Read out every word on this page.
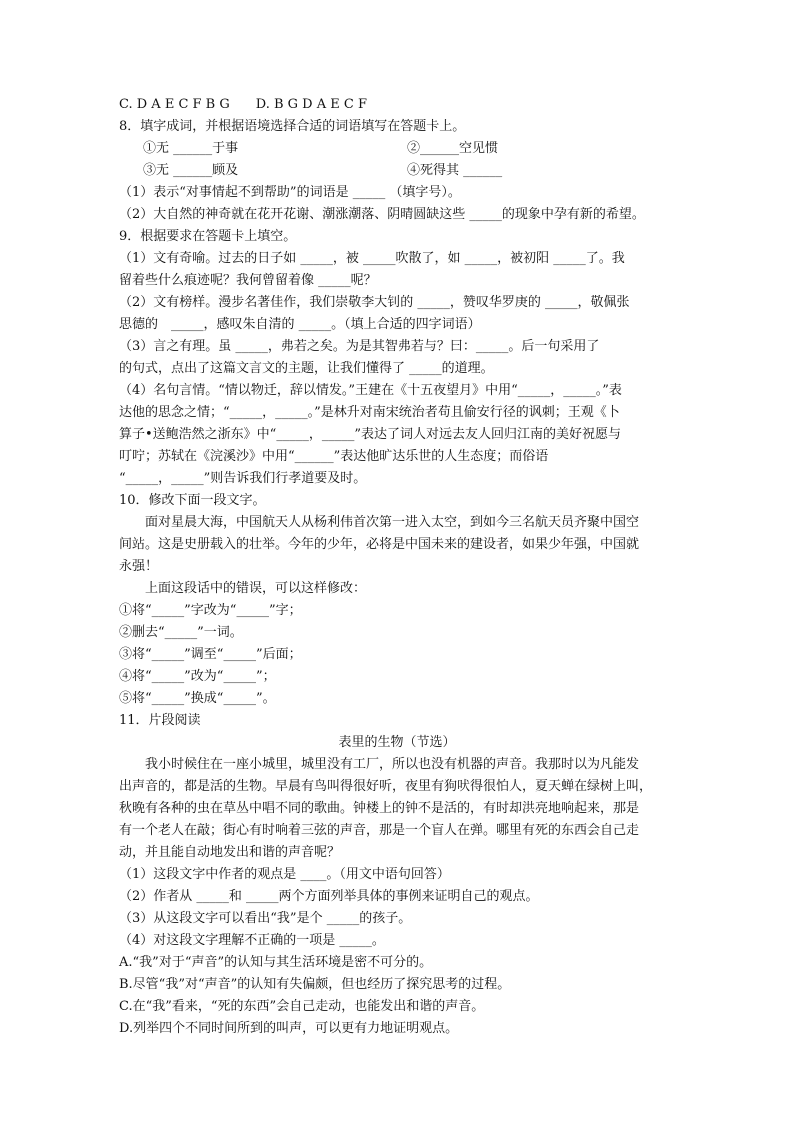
C. D A E C F B G　　D. B G D A E C F
8．填字成词，并根据语境选择合适的词语填写在答题卡上。
①无 ______于事	②______空见惯
③无 ______顾及	④死得其 ______
（1）表示“对事情起不到帮助”的词语是 _____ （填字号）。
（2）大自然的神奇就在花开花谢、潮涨潮落、阴晴圆缺这些 _____的现象中孕有新的希望。
9．根据要求在答题卡上填空。
（1）文有奇喻。过去的日子如 _____，被 _____吹散了，如 _____，被初阳 _____了。我
留着些什么痕迹呢？我何曾留着像 _____呢？
（2）文有榜样。漫步名著佳作，我们崇敬李大钊的 _____，赞叹华罗庚的 _____，敬佩张
思德的　_____，感叹朱自清的 _____。（填上合适的四字词语）
（3）言之有理。虽 _____，弗若之矣。为是其智弗若与？曰：_____。后一句采用了
的句式，点出了这篇文言文的主题，让我们懂得了 _____的道理。
（4）名句言情。“情以物迁，辞以情发。”王建在《十五夜望月》中用“_____，_____。”表
达他的思念之情；“_____，_____。”是林升对南宋统治者苟且偷安行径的讽刺；王观《卜
算子•送鲍浩然之浙东》中“_____，_____”表达了词人对远去友人回归江南的美好祝愿与
叮咛；苏轼在《浣溪沙》中用“______”表达他旷达乐世的人生态度；而俗语
“_____，_____”则告诉我们行孝道要及时。
10．修改下面一段文字。
面对星晨大海，中国航天人从杨利伟首次第一进入太空，到如今三名航天员齐聚中国空
间站。这是史册载入的壮举。今年的少年，必将是中国未来的建设者，如果少年强，中国就
永强！
上面这段话中的错误，可以这样修改：
①将“_____”字改为“_____”字；
②删去“_____”一词。
③将“_____”调至“_____”后面；
④将“_____”改为“_____”；
⑤将“_____”换成“_____”。
11．片段阅读
表里的生物（节选）
我小时候住在一座小城里，城里没有工厂，所以也没有机器的声音。我那时以为凡能发
出声音的，都是活的生物。早晨有鸟叫得很好听，夜里有狗吠得很怕人，夏天蝉在绿树上叫，
秋晚有各种的虫在草丛中唱不同的歌曲。钟楼上的钟不是活的，有时却洪亮地响起来，那是
有一个老人在敲；街心有时响着三弦的声音，那是一个盲人在弹。哪里有死的东西会自己走
动，并且能自动地发出和谐的声音呢？
（1）这段文字中作者的观点是 ____。（用文中语句回答）
（2）作者从 _____和 _____两个方面列举具体的事例来证明自己的观点。
（3）从这段文字可以看出“我”是个 _____的孩子。
（4）对这段文字理解不正确的一项是 _____。
A.“我”对于“声音”的认知与其生活环境是密不可分的。
B.尽管“我”对“声音”的认知有失偏颇，但也经历了探究思考的过程。
C.在“我”看来，“死的东西”会自己走动，也能发出和谐的声音。
D.列举四个不同时间所到的叫声，可以更有力地证明观点。
